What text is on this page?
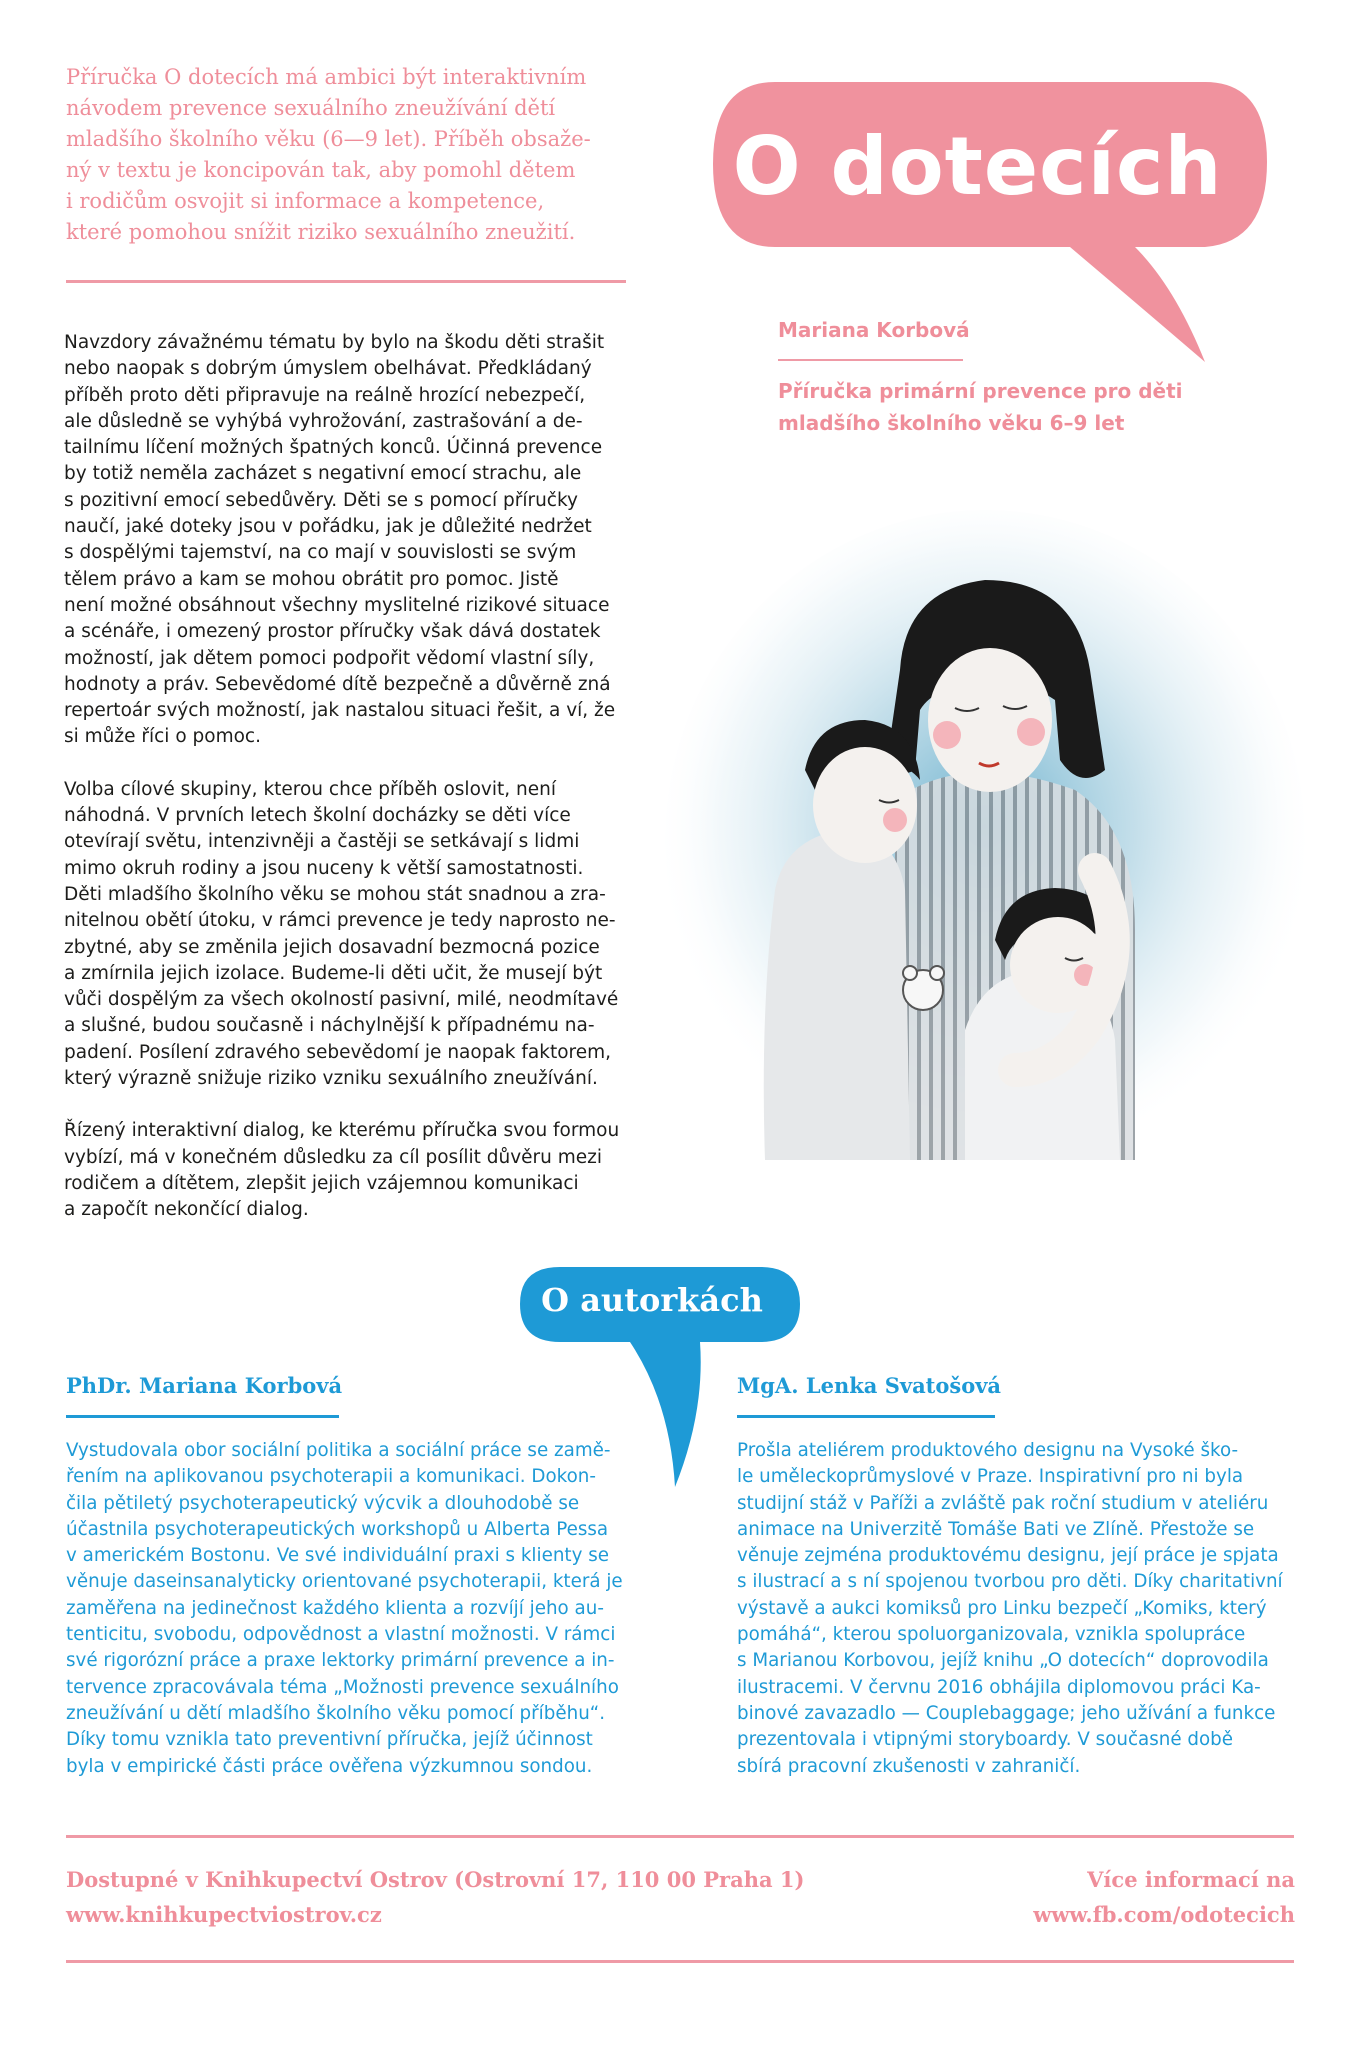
Příručka O dotecích má ambici být interaktivním
návodem prevence sexuálního zneužívání dětí
mladšího školního věku (6—9 let). Příběh obsaže-
ný v textu je koncipován tak, aby pomohl dětem
i rodičům osvojit si informace a kompetence,
které pomohou snížit riziko sexuálního zneužití.

O dotecích

Mariana Korbová

Příručka primární prevence pro děti
mladšího školního věku 6–9 let

Navzdory závažnému tématu by bylo na škodu děti strašit
nebo naopak s dobrým úmyslem obelhávat. Předkládaný
příběh proto děti připravuje na reálně hrozící nebezpečí,
ale důsledně se vyhýbá vyhrožování, zastrašování a de-
tailnímu líčení možných špatných konců. Účinná prevence
by totiž neměla zacházet s negativní emocí strachu, ale
s pozitivní emocí sebedůvěry. Děti se s pomocí příručky
naučí, jaké doteky jsou v pořádku, jak je důležité nedržet
s dospělými tajemství, na co mají v souvislosti se svým
tělem právo a kam se mohou obrátit pro pomoc. Jistě
není možné obsáhnout všechny myslitelné rizikové situace
a scénáře, i omezený prostor příručky však dává dostatek
možností, jak dětem pomoci podpořit vědomí vlastní síly,
hodnoty a práv. Sebevědomé dítě bezpečně a důvěrně zná
repertoár svých možností, jak nastalou situaci řešit, a ví, že
si může říci o pomoc.

Volba cílové skupiny, kterou chce příběh oslovit, není
náhodná. V prvních letech školní docházky se děti více
otevírají světu, intenzivněji a častěji se setkávají s lidmi
mimo okruh rodiny a jsou nuceny k větší samostatnosti.
Děti mladšího školního věku se mohou stát snadnou a zra-
nitelnou obětí útoku, v rámci prevence je tedy naprosto ne-
zbytné, aby se změnila jejich dosavadní bezmocná pozice
a zmírnila jejich izolace. Budeme-li děti učit, že musejí být
vůči dospělým za všech okolností pasivní, milé, neodmítavé
a slušné, budou současně i náchylnější k případnému na-
padení. Posílení zdravého sebevědomí je naopak faktorem,
který výrazně snižuje riziko vzniku sexuálního zneužívání.

Řízený interaktivní dialog, ke kterému příručka svou formou
vybízí, má v konečném důsledku za cíl posílit důvěru mezi
rodičem a dítětem, zlepšit jejich vzájemnou komunikaci
a započít nekončící dialog.

O autorkách

PhDr. Mariana Korbová

Vystudovala obor sociální politika a sociální práce se zamě-
řením na aplikovanou psychoterapii a komunikaci. Dokon-
čila pětiletý psychoterapeutický výcvik a dlouhodobě se
účastnila psychoterapeutických workshopů u Alberta Pessa
v americkém Bostonu. Ve své individuální praxi s klienty se
věnuje daseinsanalyticky orientované psychoterapii, která je
zaměřena na jedinečnost každého klienta a rozvíjí jeho au-
tenticitu, svobodu, odpovědnost a vlastní možnosti. V rámci
své rigorózní práce a praxe lektorky primární prevence a in-
tervence zpracovávala téma „Možnosti prevence sexuálního
zneužívání u dětí mladšího školního věku pomocí příběhu“.
Díky tomu vznikla tato preventivní příručka, jejíž účinnost
byla v empirické části práce ověřena výzkumnou sondou.

MgA. Lenka Svatošová

Prošla ateliérem produktového designu na Vysoké ško-
le uměleckoprůmyslové v Praze. Inspirativní pro ni byla
studijní stáž v Paříži a zvláště pak roční studium v ateliéru
animace na Univerzitě Tomáše Bati ve Zlíně. Přestože se
věnuje zejména produktovému designu, její práce je spjata
s ilustrací a s ní spojenou tvorbou pro děti. Díky charitativní
výstavě a aukci komiksů pro Linku bezpečí „Komiks, který
pomáhá“, kterou spoluorganizovala, vznikla spolupráce
s Marianou Korbovou, jejíž knihu „O dotecích“ doprovodila
ilustracemi. V červnu 2016 obhájila diplomovou práci Ka-
binové zavazadlo — Couplebaggage; jeho užívání a funkce
prezentovala i vtipnými storyboardy. V současné době
sbírá pracovní zkušenosti v zahraničí.

Dostupné v Knihkupectví Ostrov (Ostrovní 17, 110 00 Praha 1)
www.knihkupectviostrov.cz

Více informací na
www.fb.com/odotecich
